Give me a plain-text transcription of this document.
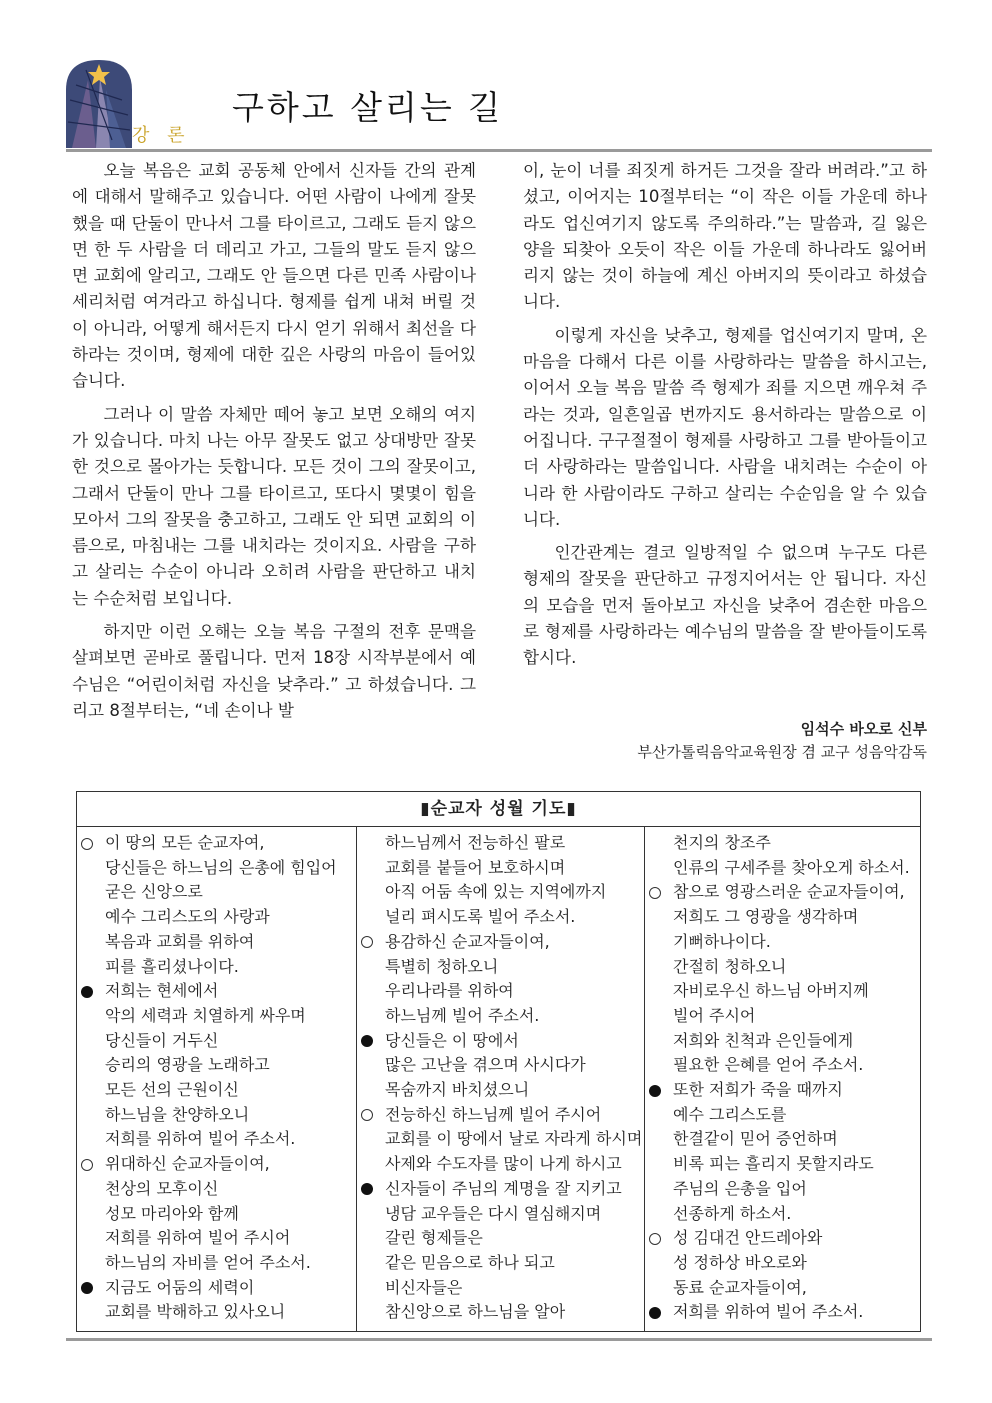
강 론
구하고 살리는 길

오늘 복음은 교회 공동체 안에서 신자들 간의 관계에 대해서 말해주고 있습니다. 어떤 사람이 나에게 잘못했을 때 단둘이 만나서 그를 타이르고, 그래도 듣지 않으면 한 두 사람을 더 데리고 가고, 그들의 말도 듣지 않으면 교회에 알리고, 그래도 안 들으면 다른 민족 사람이나 세리처럼 여겨라고 하십니다. 형제를 쉽게 내쳐 버릴 것이 아니라, 어떻게 해서든지 다시 얻기 위해서 최선을 다하라는 것이며, 형제에 대한 깊은 사랑의 마음이 들어있습니다.

그러나 이 말씀 자체만 떼어 놓고 보면 오해의 여지가 있습니다. 마치 나는 아무 잘못도 없고 상대방만 잘못한 것으로 몰아가는 듯합니다. 모든 것이 그의 잘못이고, 그래서 단둘이 만나 그를 타이르고, 또다시 몇몇이 힘을 모아서 그의 잘못을 충고하고, 그래도 안 되면 교회의 이름으로, 마침내는 그를 내치라는 것이지요. 사람을 구하고 살리는 수순이 아니라 오히려 사람을 판단하고 내치는 수순처럼 보입니다.

하지만 이런 오해는 오늘 복음 구절의 전후 문맥을 살펴보면 곧바로 풀립니다. 먼저 18장 시작부분에서 예수님은 “어린이처럼 자신을 낮추라.” 고 하셨습니다. 그리고 8절부터는, “네 손이나 발

이, 눈이 너를 죄짓게 하거든 그것을 잘라 버려라.”고 하셨고, 이어지는 10절부터는 “이 작은 이들 가운데 하나라도 업신여기지 않도록 주의하라.”는 말씀과, 길 잃은 양을 되찾아 오듯이 작은 이들 가운데 하나라도 잃어버리지 않는 것이 하늘에 계신 아버지의 뜻이라고 하셨습니다.

이렇게 자신을 낮추고, 형제를 업신여기지 말며, 온 마음을 다해서 다른 이를 사랑하라는 말씀을 하시고는, 이어서 오늘 복음 말씀 즉 형제가 죄를 지으면 깨우쳐 주라는 것과, 일흔일곱 번까지도 용서하라는 말씀으로 이어집니다. 구구절절이 형제를 사랑하고 그를 받아들이고 더 사랑하라는 말씀입니다. 사람을 내치려는 수순이 아니라 한 사람이라도 구하고 살리는 수순임을 알 수 있습니다.

인간관계는 결코 일방적일 수 없으며 누구도 다른 형제의 잘못을 판단하고 규정지어서는 안 됩니다. 자신의 모습을 먼저 돌아보고 자신을 낮추어 겸손한 마음으로 형제를 사랑하라는 예수님의 말씀을 잘 받아들이도록 합시다.

임석수 바오로 신부
부산가톨릭음악교육원장 겸 교구 성음악감독
▮순교자 성월 기도▮
이 땅의 모든 순교자여,
당신들은 하느님의 은총에 힘입어
굳은 신앙으로
예수 그리스도의 사랑과
복음과 교회를 위하여
피를 흘리셨나이다.
저희는 현세에서
악의 세력과 치열하게 싸우며
당신들이 거두신
승리의 영광을 노래하고
모든 선의 근원이신
하느님을 찬양하오니
저희를 위하여 빌어 주소서.
위대하신 순교자들이여,
천상의 모후이신
성모 마리아와 함께
저희를 위하여 빌어 주시어
하느님의 자비를 얻어 주소서.
지금도 어둠의 세력이
교회를 박해하고 있사오니
하느님께서 전능하신 팔로
교회를 붙들어 보호하시며
아직 어둠 속에 있는 지역에까지
널리 펴시도록 빌어 주소서.
용감하신 순교자들이여,
특별히 청하오니
우리나라를 위하여
하느님께 빌어 주소서.
당신들은 이 땅에서
많은 고난을 겪으며 사시다가
목숨까지 바치셨으니
전능하신 하느님께 빌어 주시어
교회를 이 땅에서 날로 자라게 하시며
사제와 수도자를 많이 나게 하시고
신자들이 주님의 계명을 잘 지키고
냉담 교우들은 다시 열심해지며
갈린 형제들은
같은 믿음으로 하나 되고
비신자들은
참신앙으로 하느님을 알아
천지의 창조주
인류의 구세주를 찾아오게 하소서.
참으로 영광스러운 순교자들이여,
저희도 그 영광을 생각하며
기뻐하나이다.
간절히 청하오니
자비로우신 하느님 아버지께
빌어 주시어
저희와 친척과 은인들에게
필요한 은혜를 얻어 주소서.
또한 저희가 죽을 때까지
예수 그리스도를
한결같이 믿어 증언하며
비록 피는 흘리지 못할지라도
주님의 은총을 입어
선종하게 하소서.
성 김대건 안드레아와
성 정하상 바오로와
동료 순교자들이여,
저희를 위하여 빌어 주소서.
